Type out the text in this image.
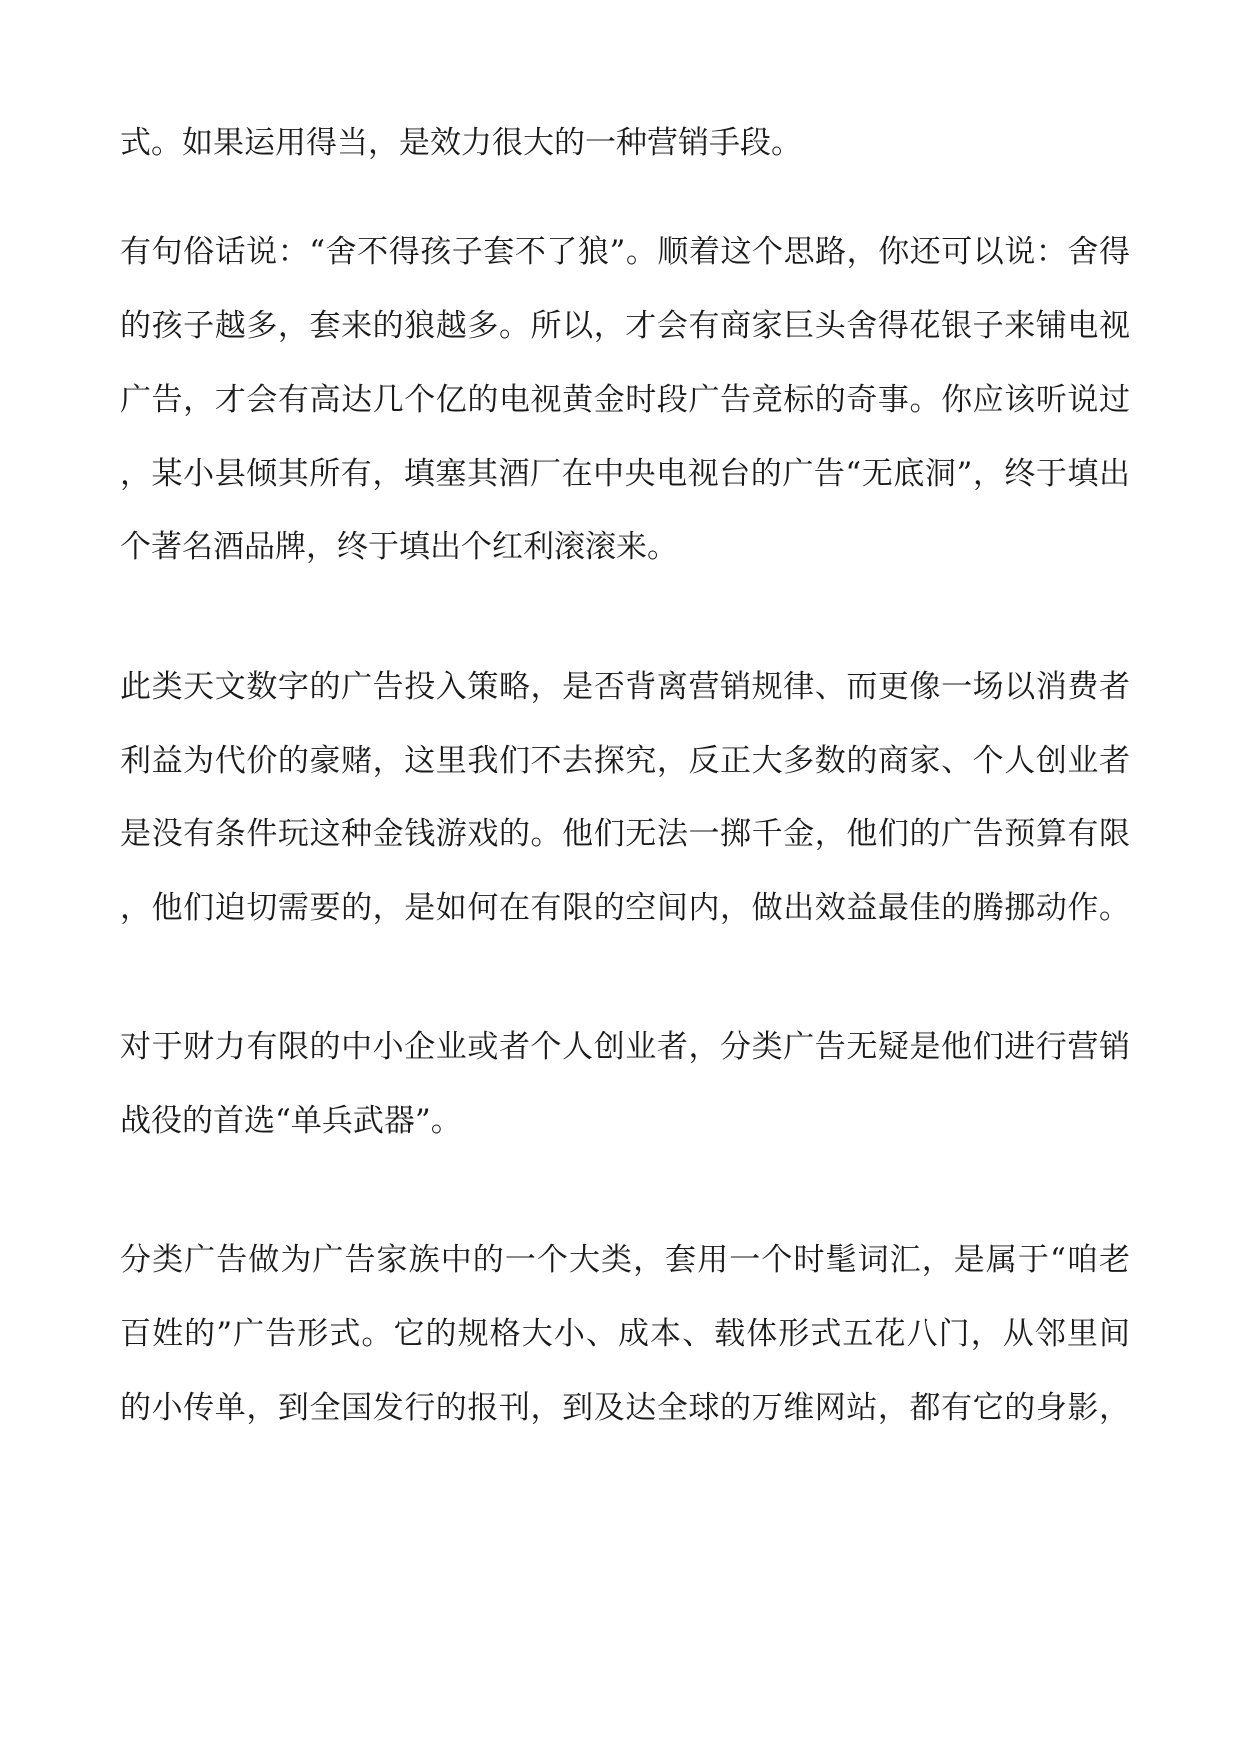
式。如果运用得当，是效力很大的一种营销手段。
有句俗话说：“舍不得孩子套不了狼”。顺着这个思路，你还可以说：舍得
的孩子越多，套来的狼越多。所以，才会有商家巨头舍得花银子来铺电视
广告，才会有高达几个亿的电视黄金时段广告竞标的奇事。你应该听说过
，某小县倾其所有，填塞其酒厂在中央电视台的广告“无底洞”，终于填出
个著名酒品牌，终于填出个红利滚滚来。
此类天文数字的广告投入策略，是否背离营销规律、而更像一场以消费者
利益为代价的豪赌，这里我们不去探究，反正大多数的商家、个人创业者
是没有条件玩这种金钱游戏的。他们无法一掷千金，他们的广告预算有限
，他们迫切需要的，是如何在有限的空间内，做出效益最佳的腾挪动作。
对于财力有限的中小企业或者个人创业者，分类广告无疑是他们进行营销
战役的首选“单兵武器”。
分类广告做为广告家族中的一个大类，套用一个时髦词汇，是属于“咱老
百姓的”广告形式。它的规格大小、成本、载体形式五花八门，从邻里间
的小传单，到全国发行的报刊，到及达全球的万维网站，都有它的身影，
